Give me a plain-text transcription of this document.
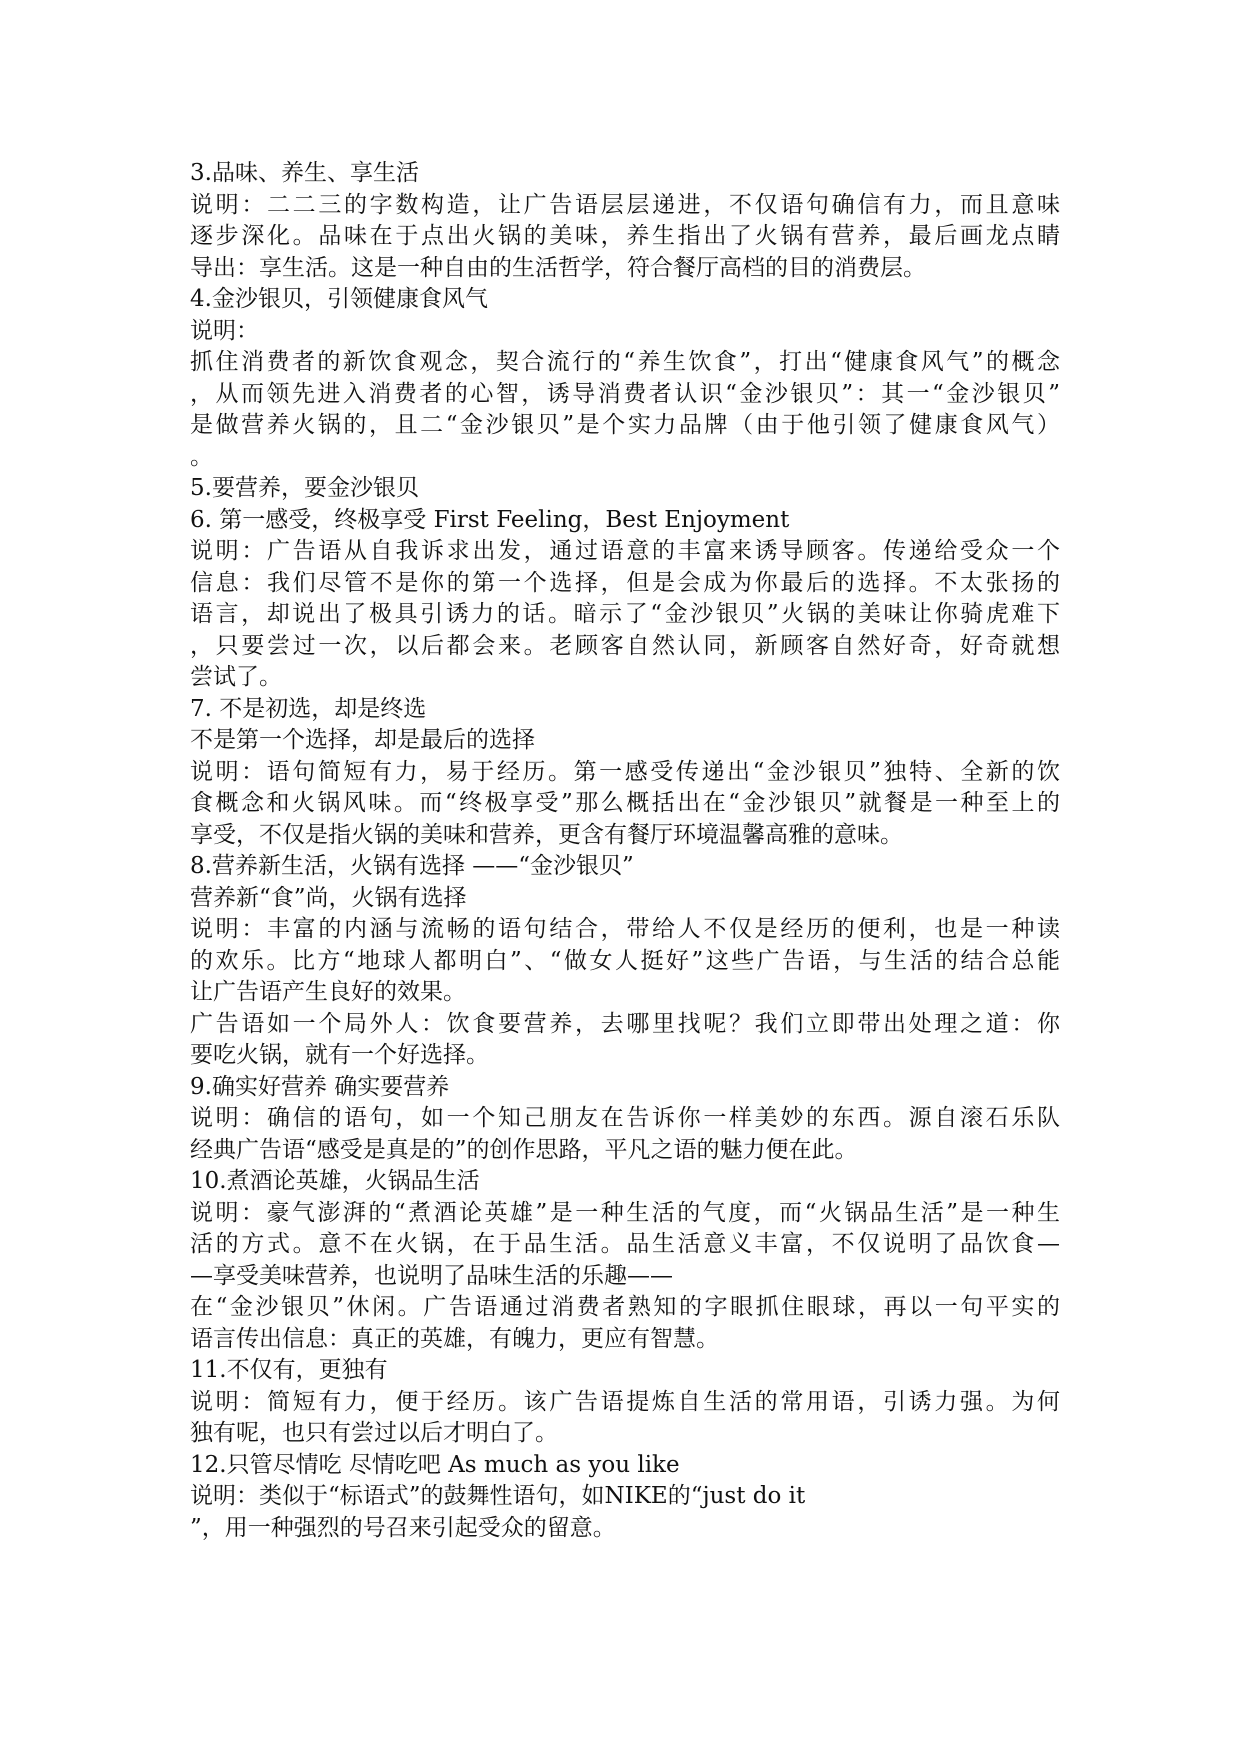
3.品味、养生、享生活
说明：二二三的字数构造，让广告语层层递进，不仅语句确信有力，而且意味
逐步深化。品味在于点出火锅的美味，养生指出了火锅有营养，最后画龙点睛
导出：享生活。这是一种自由的生活哲学，符合餐厅高档的目的消费层。
4.金沙银贝，引领健康食风气
说明：
抓住消费者的新饮食观念，契合流行的“养生饮食”，打出“健康食风气”的概念
，从而领先进入消费者的心智，诱导消费者认识“金沙银贝”：其一“金沙银贝”
是做营养火锅的，且二“金沙银贝”是个实力品牌（由于他引领了健康食风气）
。
5.要营养，要金沙银贝
6. 第一感受，终极享受 First Feeling，Best Enjoyment
说明：广告语从自我诉求出发，通过语意的丰富来诱导顾客。传递给受众一个
信息：我们尽管不是你的第一个选择，但是会成为你最后的选择。不太张扬的
语言，却说出了极具引诱力的话。暗示了“金沙银贝”火锅的美味让你骑虎难下
，只要尝过一次，以后都会来。老顾客自然认同，新顾客自然好奇，好奇就想
尝试了。
7. 不是初选，却是终选
不是第一个选择，却是最后的选择
说明：语句简短有力，易于经历。第一感受传递出“金沙银贝”独特、全新的饮
食概念和火锅风味。而“终极享受”那么概括出在“金沙银贝”就餐是一种至上的
享受，不仅是指火锅的美味和营养，更含有餐厅环境温馨高雅的意味。
8.营养新生活，火锅有选择 ——“金沙银贝”
营养新“食”尚，火锅有选择
说明：丰富的内涵与流畅的语句结合，带给人不仅是经历的便利，也是一种读
的欢乐。比方“地球人都明白”、“做女人挺好”这些广告语，与生活的结合总能
让广告语产生良好的效果。
广告语如一个局外人：饮食要营养，去哪里找呢？我们立即带出处理之道：你
要吃火锅，就有一个好选择。
9.确实好营养 确实要营养
说明：确信的语句，如一个知己朋友在告诉你一样美妙的东西。源自滚石乐队
经典广告语“感受是真是的”的创作思路，平凡之语的魅力便在此。
10.煮酒论英雄，火锅品生活
说明：豪气澎湃的“煮酒论英雄”是一种生活的气度，而“火锅品生活”是一种生
活的方式。意不在火锅，在于品生活。品生活意义丰富，不仅说明了品饮食—
—享受美味营养，也说明了品味生活的乐趣——
在“金沙银贝”休闲。广告语通过消费者熟知的字眼抓住眼球，再以一句平实的
语言传出信息：真正的英雄，有魄力，更应有智慧。
11.不仅有，更独有
说明：简短有力，便于经历。该广告语提炼自生活的常用语，引诱力强。为何
独有呢，也只有尝过以后才明白了。
12.只管尽情吃 尽情吃吧 As much as you like
说明：类似于“标语式”的鼓舞性语句，如NIKE的“just do it
”，用一种强烈的号召来引起受众的留意。
